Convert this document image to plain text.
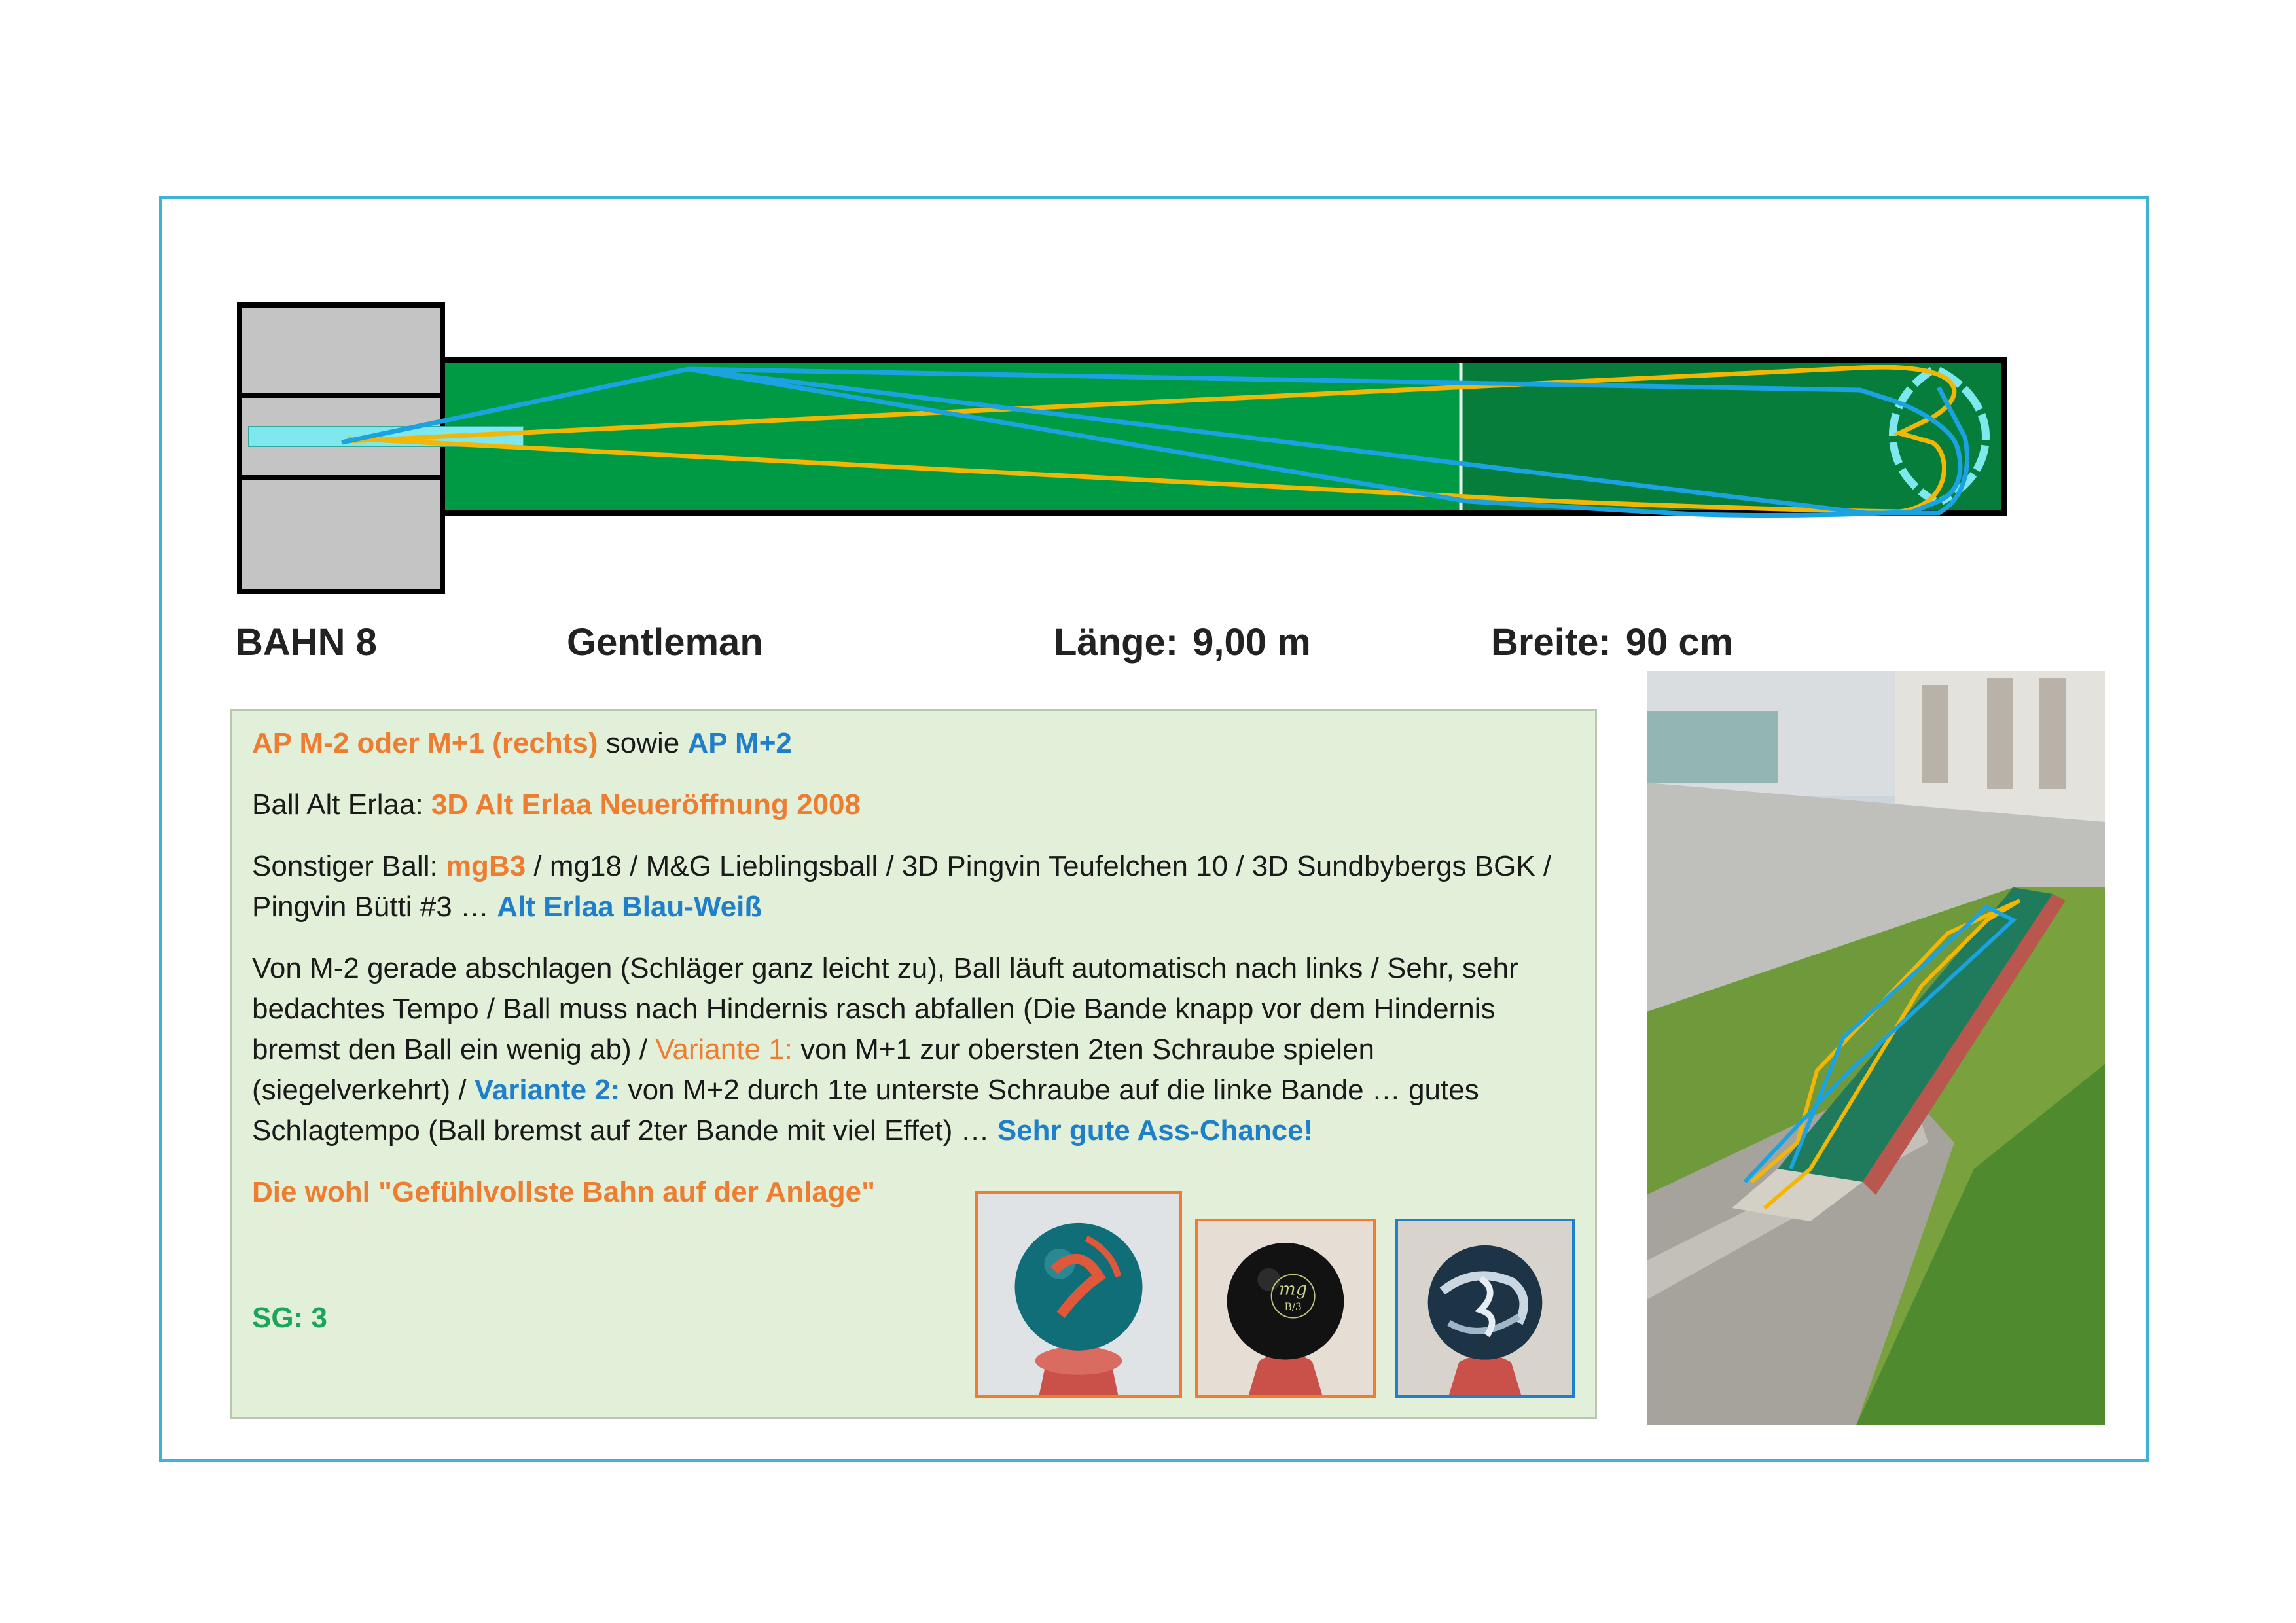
BAHN 8	Gentleman	Länge: 9,00 m	Breite: 90 cm

AP M-2 oder M+1 (rechts) sowie AP M+2

Ball Alt Erlaa: 3D Alt Erlaa Neueröffnung 2008

Sonstiger Ball: mgB3 / mg18 / M&G Lieblingsball / 3D Pingvin Teufelchen 10 / 3D Sundbybergs BGK / Pingvin Bütti #3 … Alt Erlaa Blau-Weiß

Von M-2 gerade abschlagen (Schläger ganz leicht zu), Ball läuft automatisch nach links / Sehr, sehr bedachtes Tempo / Ball muss nach Hindernis rasch abfallen (Die Bande knapp vor dem Hindernis bremst den Ball ein wenig ab) / Variante 1: von M+1 zur obersten 2ten Schraube spielen (siegelverkehrt) / Variante 2: von M+2 durch 1te unterste Schraube auf die linke Bande … gutes Schlagtempo (Ball bremst auf 2ter Bande mit viel Effet) … Sehr gute Ass-Chance!

Die wohl "Gefühlvollste Bahn auf der Anlage"

SG: 3
mg
B/3
